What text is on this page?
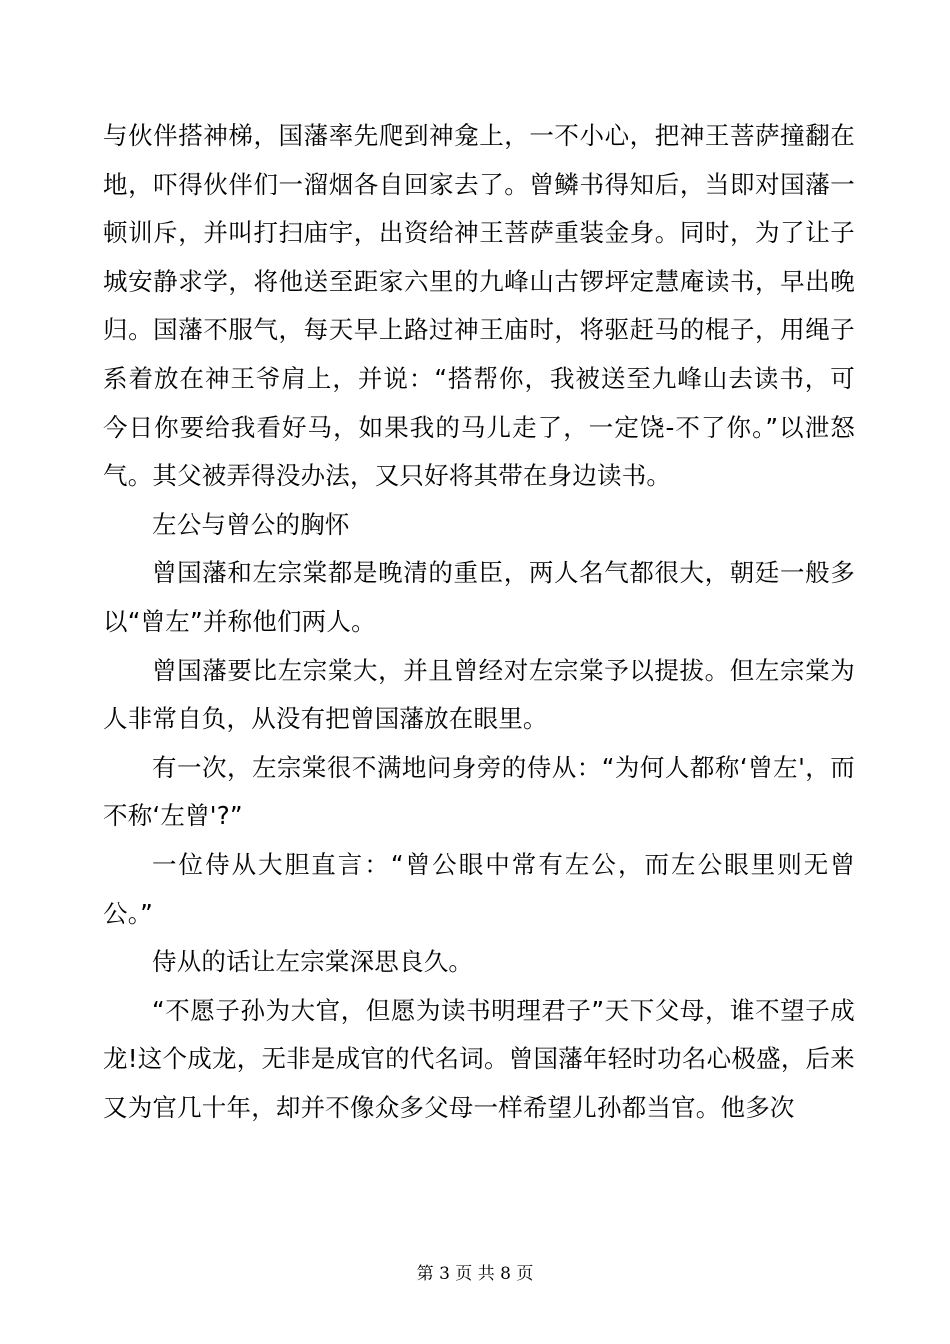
与伙伴搭神梯，国藩率先爬到神龛上，一不小心，把神王菩萨撞翻在地，吓得伙伴们一溜烟各自回家去了。曾鳞书得知后，当即对国藩一顿训斥，并叫打扫庙宇，出资给神王菩萨重装金身。同时，为了让子城安静求学，将他送至距家六里的九峰山古锣坪定慧庵读书，早出晚归。国藩不服气，每天早上路过神王庙时，将驱赶马的棍子，用绳子系着放在神王爷肩上，并说：“搭帮你，我被送至九峰山去读书，可今日你要给我看好马，如果我的马儿走了，一定饶-不了你。”以泄怒气。其父被弄得没办法，又只好将其带在身边读书。

左公与曾公的胸怀

曾国藩和左宗棠都是晚清的重臣，两人名气都很大，朝廷一般多以“曾左”并称他们两人。

曾国藩要比左宗棠大，并且曾经对左宗棠予以提拔。但左宗棠为人非常自负，从没有把曾国藩放在眼里。

有一次，左宗棠很不满地问身旁的侍从：“为何人都称‘曾左'，而不称‘左曾'?”

一位侍从大胆直言：“曾公眼中常有左公，而左公眼里则无曾公。”

侍从的话让左宗棠深思良久。

“不愿子孙为大官，但愿为读书明理君子”天下父母，谁不望子成龙!这个成龙，无非是成官的代名词。曾国藩年轻时功名心极盛，后来又为官几十年，却并不像众多父母一样希望儿孙都当官。他多次

第 3 页 共 8 页
